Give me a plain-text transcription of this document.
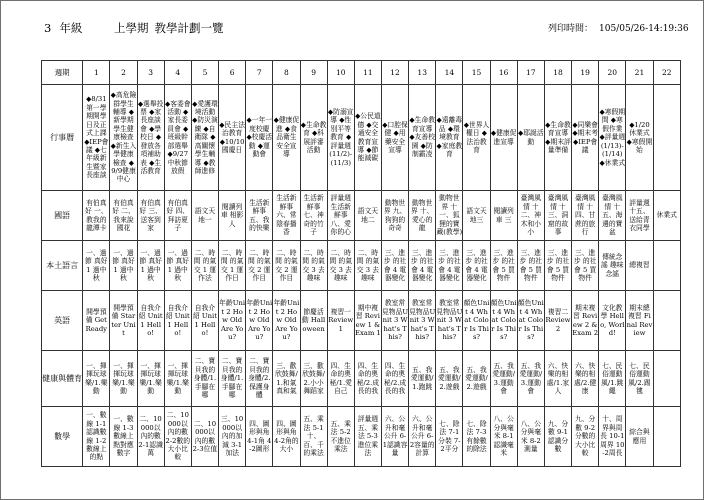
3 年級	上學期 教學計劃一覽	列印時間： 105/05/26-14:19:36
週期	1	2	3	4	5	6	7	8	9	10	11	12	13	14	15	16	17	18	19	20	21	22
行事曆	◆8/31第一學期開學日及正式上課 ◆IEP會議 ◆七年級新生暨家長座談	◆高危險群學生輔導 ◆新學期學生健康檢查 ◆新生入學健康檢查 ◆9/9健康中心	◆選舉投票 ◆家長座談會 ◆學校日 ◆發放各項補助表 ◆生活教育	◆客委會活動 ◆家長委員會 ◆班級幹部選舉 ◆9/27中秋節放假	◆愛護環境活動 ◆防災演練 ◆自衛隊 ◆高關懷學生輔導 ◆教師進修	◆民主法治教育 ◆10/10國慶日	◆一年一度校慶 ◆校慶活動 ◆運動會	◆健康促進 ◆食品衛生安全宣導	◆生命教育 ◆科展評審活動	◆防溺宣導 ◆性別平等教育 ◆評量週(11/2)-(11/3)	◆公民道德 ◆交通安全教育宣導 ◆節能減碳	◆口腔保健 ◆用藥安全宣導	◆生命教育宣導 ◆友善校園 ◆防制霸凌	◆遠離毒品 ◆環境教育 ◆家庭教育	◆世界人權日 ◆法治教育	◆健康促進宣導	◆耶誕活動	◆生命教育宣導 ◆期末評量準備	◆同樂會 ◆期末考 ◆IEP會議	◆寒假期間 ◆寒假作業 ◆評量週(1/13)-(1/14) ◆休業式	◆1/20休業式 ◆寒假開始	

國語	有伯真好 一、教我的龍潭卡	有伯真好 二、我來說國花	有伯真好 三、送客到家	有伯真好 四、拜訪夏子	語文天地一	閱讀列車 相影人	生活新鮮事 五、我的快樂	生活新鮮事 六、常陰春播香	生活新鮮事 七、神奇的竹子	評量週 生活新鮮事 八、愛你的心	語文天地二	動物世界 九、狗狗的奇奇	動物世界 十、愛心的龍	動物世界 十一、狐狸的寶藏(教學)	語文天地三	閱讀列車 三	臺灣風情 十二、神木和小小	臺灣風情 十三、洞窟的故事	臺灣風情 十四、甘蔗的旅行	臺灣風情 十五、海邊的寶盆	評量週 十五、送給青衣同學	休業式

本土語言	一、過節 真好 1 過中秋	一、過節 真好 1 過中秋	一、過節 真好 1 過中秋	一、過節 真好 1 過中秋	二、時間 的氣交 1 運作法	二、時間 的氣交 1 運作日	二、時間 的氣交 2 運作目	二、時間 的氣交 2 運作目	二、時間 的氣交 3 去趣味	二、時間 的氣交 3 去趣味	二、時間 的氣交 3 去趣味	三、進步 的社會 4 電器變化	三、進步 的社會 4 電器變化	三、進步 的社會 4 電器變化	三、進步 的社會 4 電器變化	三、進步 的社會 5 買物件	三、進步 的社會 5 買物件	三、進步 的社會 5 買物件	三、進步 的社會 5 買物件	傳統念謠 趣味念謠	總複習	

英語	開學預備 Get Ready	開學預備 Starter Unit	自我介紹 Unit 1 Hello!	自我介紹 Unit 1 Hello!	自我介紹 Unit 1 Hello!	年齡Unit 2 How Old Are You?	年齡Unit 2 How Old Are You?	年齡Unit 2 How Old Are You?	節慶活動 Halloween	複習一 Review 1	期中複習 Review 1 & Exam 1	教室常見物品Unit 3 What's This?	教室常見物品Unit 3 What's This?	教室常見物品Unit 3 What's This?	顏色Unit 4 What Color Is This?	顏色Unit 4 What Color Is This?	顏色Unit 4 What Color Is This?	複習二 Review 2	期末複習 Review 2 & Exam 2	文化教學 Hello, World!	期末總複習 Final Review	

健康與體育	一、揮揮玩球 樂/1.樂動	一、揮揮玩球 樂/1.樂動	一、揮揮玩球 樂/1.樂動	一、揮揮玩球 樂/1.樂動	二、寶貝我的身體/1.手腳在哪	二、寶貝我的身體/1.手腳在哪	二、寶貝我的身體/2.保護身體	三、歡欣鼓舞/1.和氣真和氣	三、歡欣鼓舞/2.小小舞蹈家	四、生命的奧秘/1.愛自己	四、生命的奧秘/2.成長的我	四、生命的奧秘/2.成長的我	五、我愛運動/1.跑跳	五、我愛運動/2.遊戲	五、我愛運動/2.遊戲	五、我愛運動/3.運動會	五、我愛運動/3.運動會	六、快樂的相處/1.家人	六、快樂的相處/2.健康	七、民俗運動風/1.跳繩	七、民俗運動風/2.踢毽	

數學	一、數線 1-1認識數線 1-2數線上的點	一、數線 1-3數線上點對應數字	二、10000以內的數 2-1認識萬	二、10000以內的數 2-2數的大小比較	二、10000以內的數 2-3位值	三、10000以內的加減 3-1加法	四、圖形與角 4-1角 4-2圖形	四、圖形與角 4-2角的大小	五、乘法 5-1十、百、千的乘法	五、乘法 5-2不進位乘法	評量週 五、乘法 5-3進位乘法	六、公升和毫公升 6-1認識容量	六、公升和毫公升 6-2容量的計算	七、除法 7-1分裝 7-2平分	七、除法 7-3有餘數的除法	八、公分與毫米 8-1認識毫米	八、公分與毫米 8-2測量	九、分數 9-1認識分數	九、分數 9-2分數的大小比較	十、周界與周長 10-1周界 10-2周長	綜合與應用	
